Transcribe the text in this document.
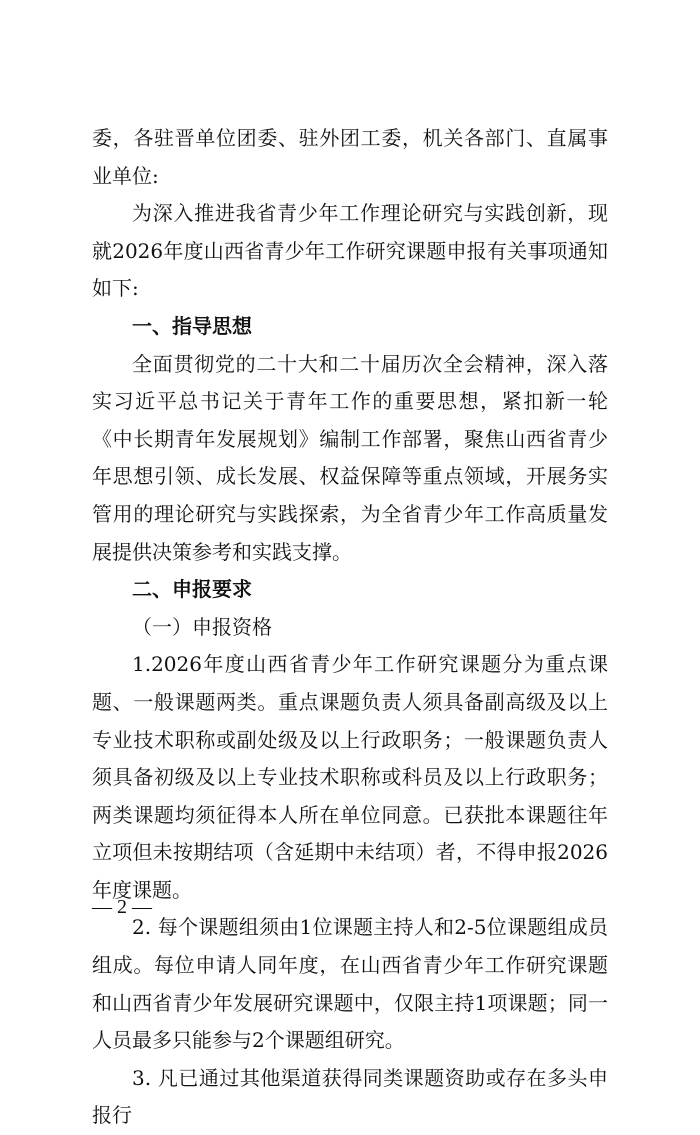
委，各驻晋单位团委、驻外团工委，机关各部门、直属事业单位:

为深入推进我省青少年工作理论研究与实践创新，现就2026年度山西省青少年工作研究课题申报有关事项通知如下:

一、指导思想

全面贯彻党的二十大和二十届历次全会精神，深入落实习近平总书记关于青年工作的重要思想，紧扣新一轮《中长期青年发展规划》编制工作部署，聚焦山西省青少年思想引领、成长发展、权益保障等重点领域，开展务实管用的理论研究与实践探索，为全省青少年工作高质量发展提供决策参考和实践支撑。

二、申报要求

（一）申报资格

1.2026年度山西省青少年工作研究课题分为重点课题、一般课题两类。重点课题负责人须具备副高级及以上专业技术职称或副处级及以上行政职务；一般课题负责人须具备初级及以上专业技术职称或科员及以上行政职务；两类课题均须征得本人所在单位同意。已获批本课题往年立项但未按期结项（含延期中未结项）者，不得申报2026年度课题。

2. 每个课题组须由1位课题主持人和2-5位课题组成员组成。每位申请人同年度，在山西省青少年工作研究课题和山西省青少年发展研究课题中，仅限主持1项课题；同一人员最多只能参与2个课题组研究。

3. 凡已通过其他渠道获得同类课题资助或存在多头申报行

— 2 —
